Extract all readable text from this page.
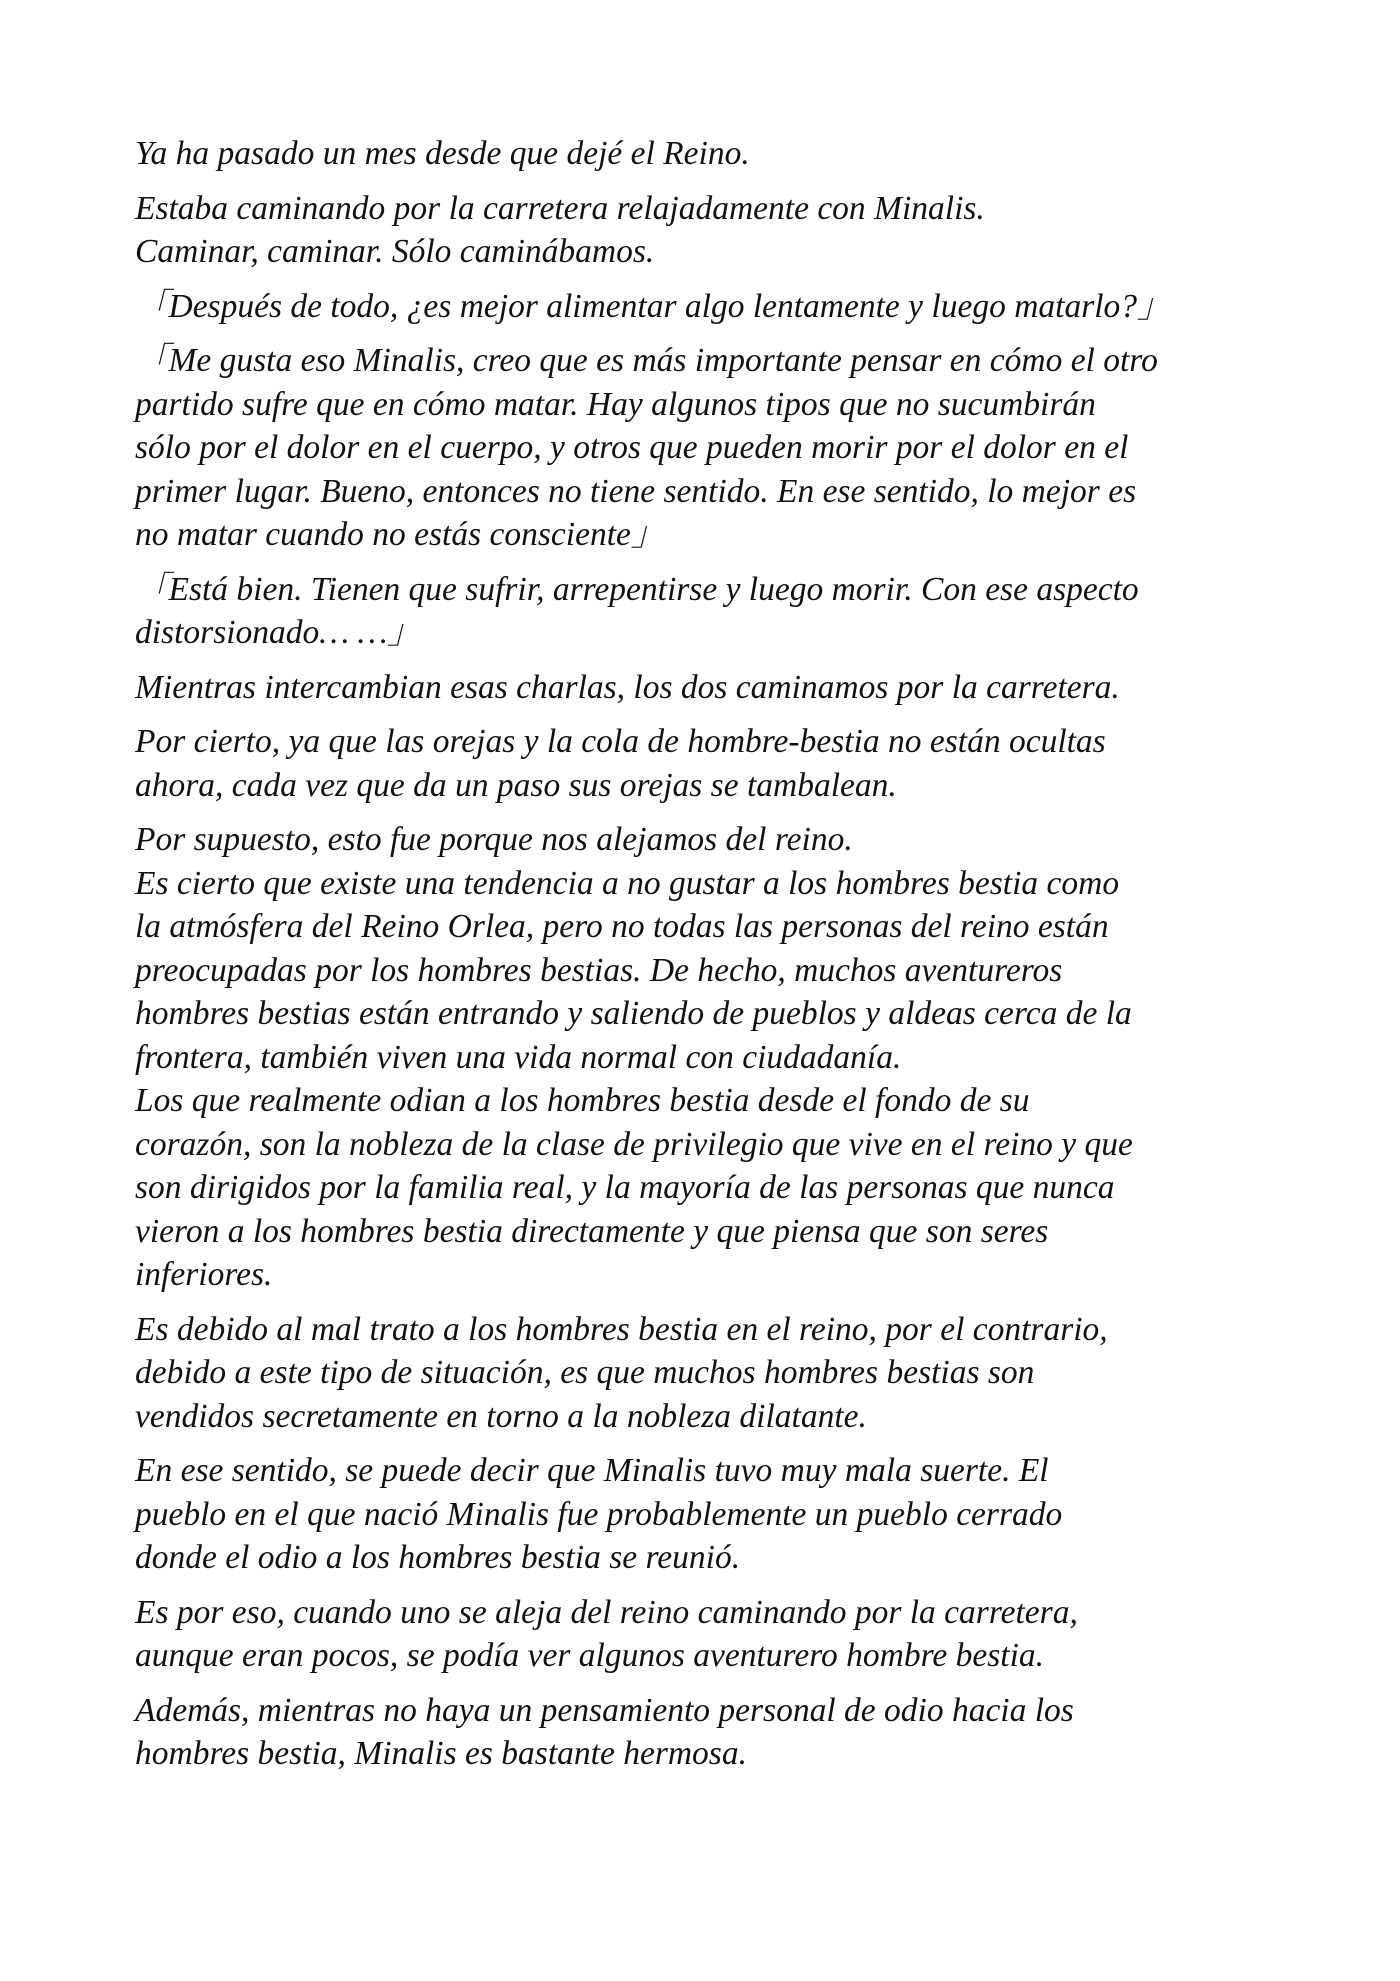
Ya ha pasado un mes desde que dejé el Reino.

Estaba caminando por la carretera relajadamente con Minalis.
Caminar, caminar. Sólo caminábamos.

「Después de todo, ¿es mejor alimentar algo lentamente y luego matarlo?」

「Me gusta eso Minalis, creo que es más importante pensar en cómo el otro
partido sufre que en cómo matar. Hay algunos tipos que no sucumbirán
sólo por el dolor en el cuerpo, y otros que pueden morir por el dolor en el
primer lugar. Bueno, entonces no tiene sentido. En ese sentido, lo mejor es
no matar cuando no estás consciente」

「Está bien. Tienen que sufrir, arrepentirse y luego morir. Con ese aspecto
distorsionado… …」

Mientras intercambian esas charlas, los dos caminamos por la carretera.

Por cierto, ya que las orejas y la cola de hombre-bestia no están ocultas
ahora, cada vez que da un paso sus orejas se tambalean.

Por supuesto, esto fue porque nos alejamos del reino.
Es cierto que existe una tendencia a no gustar a los hombres bestia como
la atmósfera del Reino Orlea, pero no todas las personas del reino están
preocupadas por los hombres bestias. De hecho, muchos aventureros
hombres bestias están entrando y saliendo de pueblos y aldeas cerca de la
frontera, también viven una vida normal con ciudadanía.
Los que realmente odian a los hombres bestia desde el fondo de su
corazón, son la nobleza de la clase de privilegio que vive en el reino y que
son dirigidos por la familia real, y la mayoría de las personas que nunca
vieron a los hombres bestia directamente y que piensa que son seres
inferiores.

Es debido al mal trato a los hombres bestia en el reino, por el contrario,
debido a este tipo de situación, es que muchos hombres bestias son
vendidos secretamente en torno a la nobleza dilatante.

En ese sentido, se puede decir que Minalis tuvo muy mala suerte. El
pueblo en el que nació Minalis fue probablemente un pueblo cerrado
donde el odio a los hombres bestia se reunió.

Es por eso, cuando uno se aleja del reino caminando por la carretera,
aunque eran pocos, se podía ver algunos aventurero hombre bestia.

Además, mientras no haya un pensamiento personal de odio hacia los
hombres bestia, Minalis es bastante hermosa.
